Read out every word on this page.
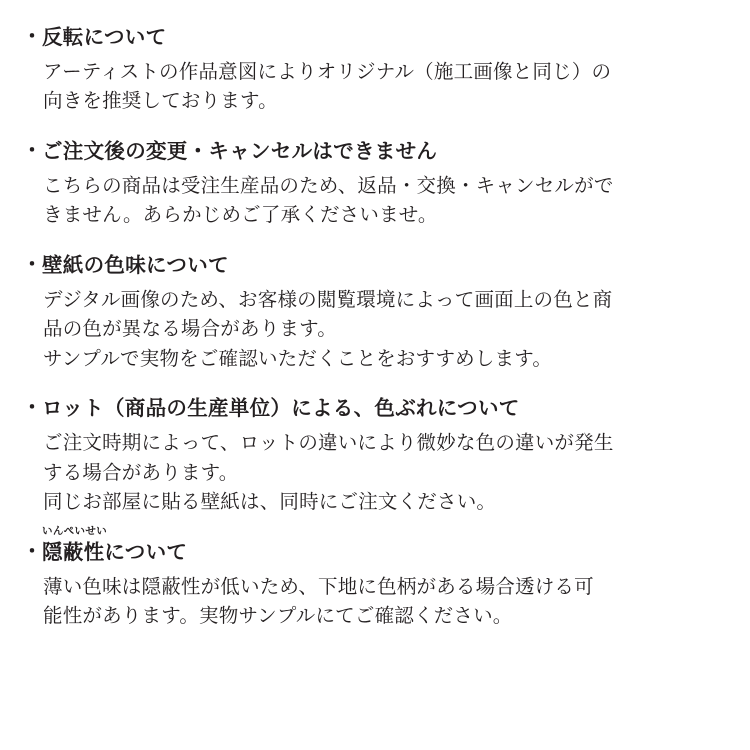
・ 反転について
アーティストの作品意図によりオリジナル（施工画像と同じ）の
向きを推奨しております。
・ ご注文後の変更・キャンセルはできません
こちらの商品は受注生産品のため、返品・交換・キャンセルがで
きません。あらかじめご了承くださいませ。
・ 壁紙の色味について
デジタル画像のため、お客様の閲覧環境によって画面上の色と商
品の色が異なる場合があります。
サンプルで実物をご確認いただくことをおすすめします。
・ ロット（商品の生産単位）による、色ぶれについて
ご注文時期によって、ロットの違いにより微妙な色の違いが発生
する場合があります。
同じお部屋に貼る壁紙は、同時にご注文ください。
いんぺいせい
・ 隠蔽性について
薄い色味は隠蔽性が低いため、下地に色柄がある場合透ける可
能性があります。実物サンプルにてご確認ください。
